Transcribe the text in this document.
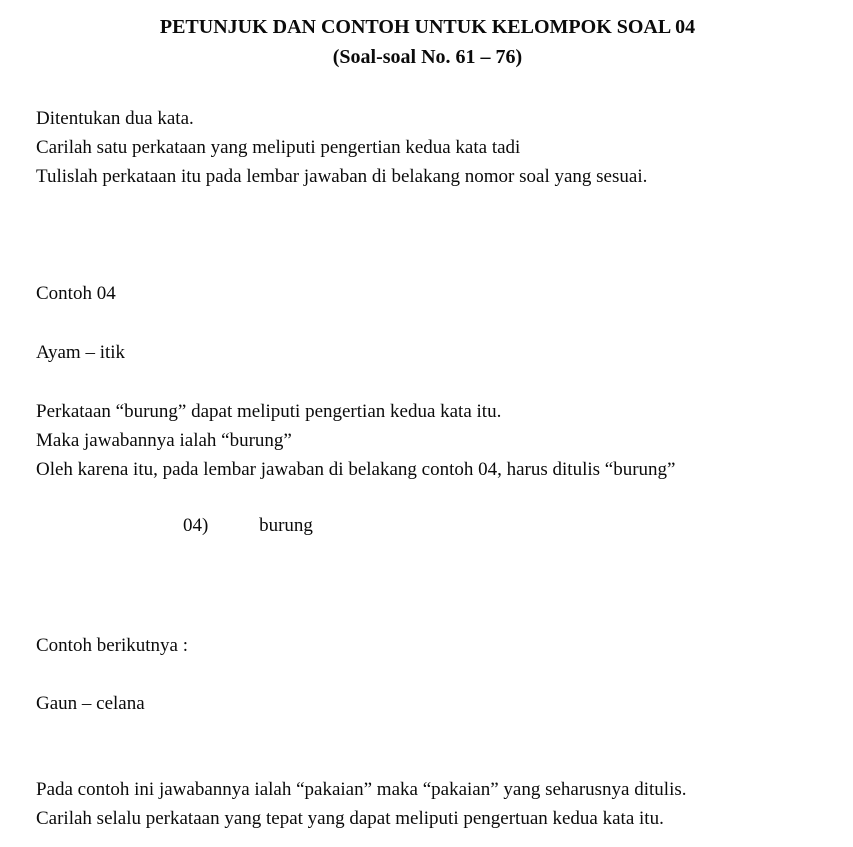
PETUNJUK DAN CONTOH UNTUK KELOMPOK SOAL 04

(Soal-soal No. 61 – 76)

Ditentukan dua kata.

Carilah satu perkataan yang meliputi pengertian kedua kata tadi

Tulislah perkataan itu pada lembar jawaban di belakang nomor soal yang sesuai.

Contoh 04

Ayam – itik

Perkataan “burung” dapat meliputi pengertian kedua kata itu.

Maka jawabannya ialah “burung”

Oleh karena itu, pada lembar jawaban di belakang contoh 04, harus ditulis “burung”

04)	burung

Contoh berikutnya :

Gaun – celana

Pada contoh ini jawabannya ialah “pakaian” maka “pakaian” yang seharusnya ditulis.

Carilah selalu perkataan yang tepat yang dapat meliputi pengertuan kedua kata itu.
